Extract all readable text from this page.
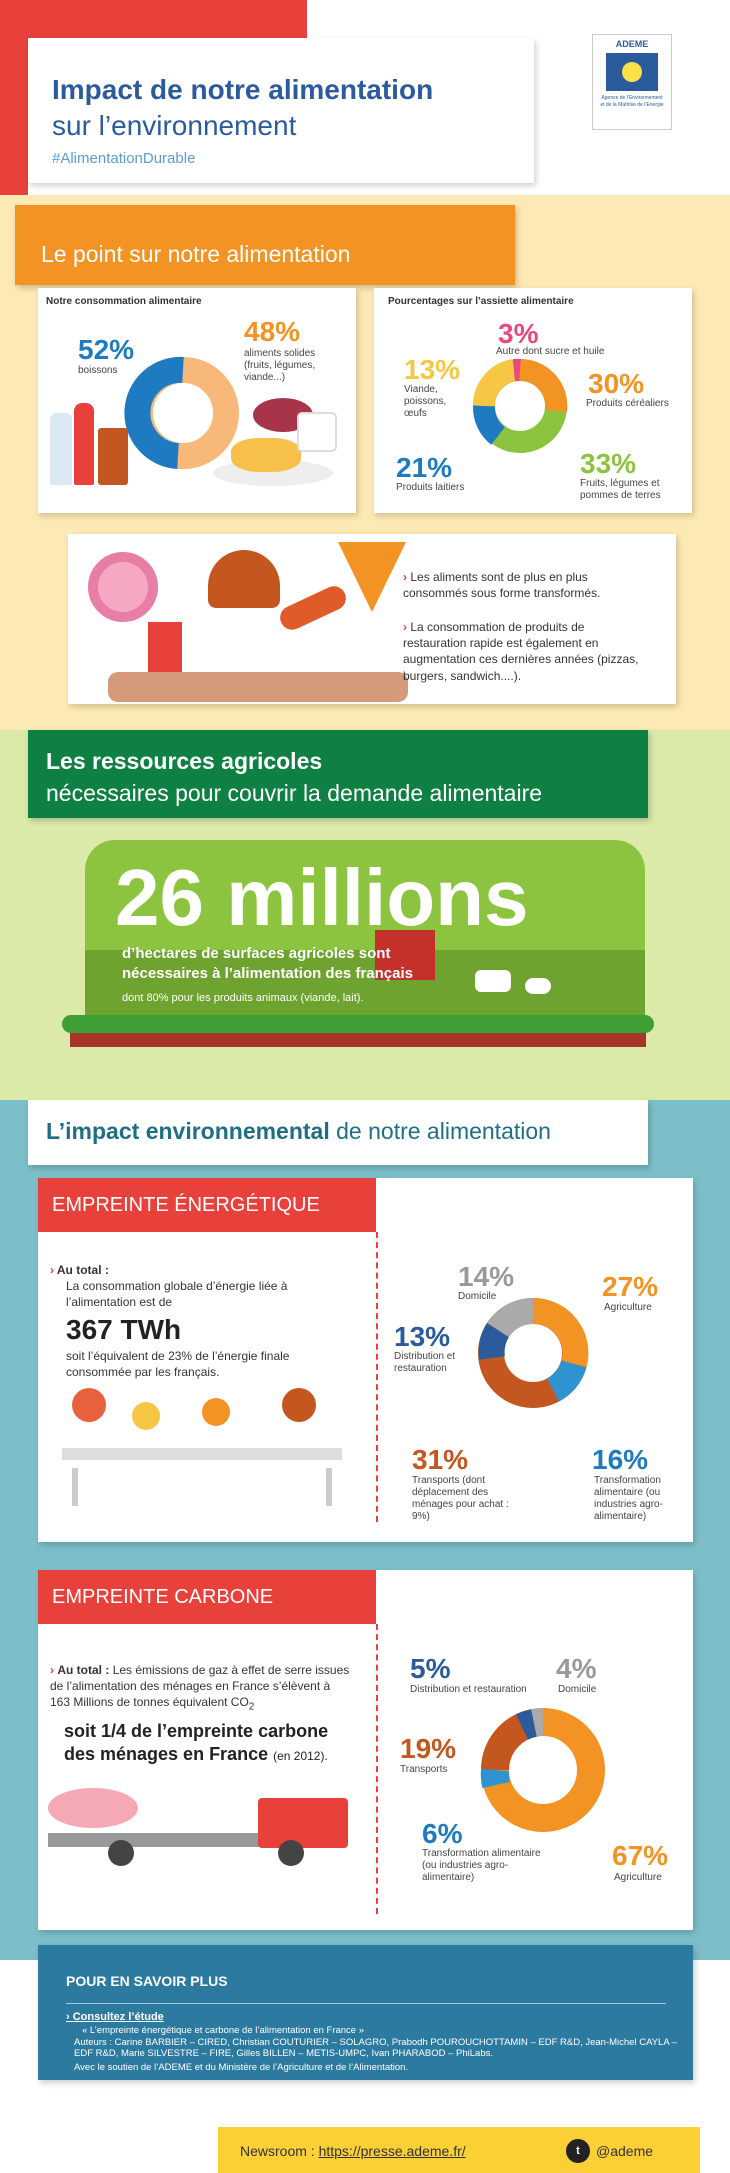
Impact de notre alimentation
sur l’environnement
#AlimentationDurable
ADEME
Agence de l’Environnement et de la Maîtrise de l’Energie
Le point sur notre alimentation
Notre consommation alimentaire
52%
boissons
48%
aliments solides (fruits, légumes, viande...)
Pourcentages sur l’assiette alimentaire
3%
Autre dont sucre et huile
13%
Viande, poissons, œufs
30%
Produits céréaliers
21%
Produits laitiers
33%
Fruits, légumes et pommes de terres
› Les aliments sont de plus en plus consommés sous forme transformés.
› La consommation de produits de restauration rapide est également en augmentation ces dernières années (pizzas, burgers, sandwich....).
Les ressources agricoles
nécessaires pour couvrir la demande alimentaire
26 millions
d’hectares de surfaces agricoles sont nécessaires à l’alimentation des français
dont 80% pour les produits animaux (viande, lait).
L’impact environnemental de notre alimentation
EMPREINTE ÉNERGÉTIQUE
› Au total :
La consommation globale d’énergie liée à l’alimentation est de
367 TWh
soit l’équivalent de 23% de l’énergie finale consommée par les français.
14%
Domicile	27%
Agriculture
13%
Distribution et restauration
31%
Transports (dont déplacement des ménages pour achat : 9%)
16%
Transformation alimentaire (ou industries agro-alimentaire)
EMPREINTE CARBONE
› Au total : Les émissions de gaz à effet de serre issues de l’alimentation des ménages en France s’élèvent à 163 Millions de tonnes équivalent $CO_2$
soit 1/4 de l’empreinte carbone des ménages en France (en 2012).
5%
Distribution et restauration
4%
Domicile
19%
Transports
6%
Transformation alimentaire (ou industries agro-alimentaire)
67%
Agriculture
POUR EN SAVOIR PLUS
› Consultez l’étude
« L’empreinte énergétique et carbone de l’alimentation en France »
Auteurs : Carine BARBIER – CIRED, Christian COUTURIER – SOLAGRO, Prabodh POUROUCHOTTAMIN – EDF R&D, Jean-Michel CAYLA – EDF R&D, Marie SILVESTRE – FIRE, Gilles BILLEN – METIS-UMPC, Ivan PHARABOD – PhiLabs.
Avec le soutien de l’ADEME et du Ministère de l’Agriculture et de l’Alimentation.
Newsroom : https://presse.ademe.fr/	t	@ademe
